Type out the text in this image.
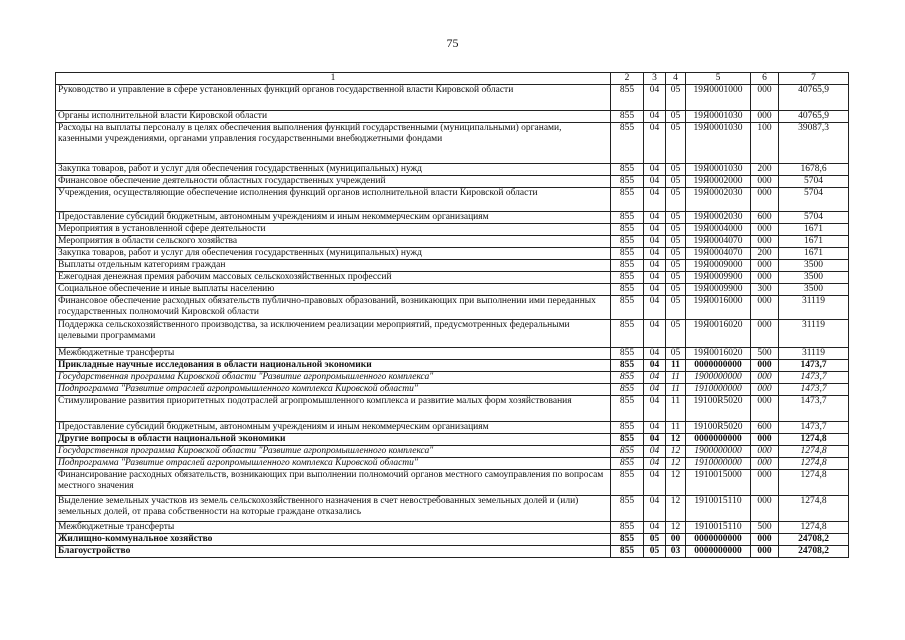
75
1	2	3	4	5	6	7
Руководство и управление в сфере установленных функций органов государственной власти Кировской области	855	04	05	19Я0001000	000	40765,9
Органы исполнительной власти Кировской области	855	04	05	19Я0001030	000	40765,9
Расходы на выплаты персоналу в целях обеспечения выполнения функций государственными (муниципальными) органами, казенными учреждениями, органами управления государственными внебюджетными фондами	855	04	05	19Я0001030	100	39087,3
Закупка товаров, работ и услуг для обеспечения государственных (муниципальных) нужд	855	04	05	19Я0001030	200	1678,6
Финансовое обеспечение деятельности областных государственных учреждений	855	04	05	19Я0002000	000	5704
Учреждения, осуществляющие обеспечение исполнения функций органов исполнительной власти Кировской области	855	04	05	19Я0002030	000	5704
Предоставление субсидий бюджетным, автономным учреждениям и иным некоммерческим организациям	855	04	05	19Я0002030	600	5704
Мероприятия в установленной сфере деятельности	855	04	05	19Я0004000	000	1671
Мероприятия в области сельского хозяйства	855	04	05	19Я0004070	000	1671
Закупка товаров, работ и услуг для обеспечения государственных (муниципальных) нужд	855	04	05	19Я0004070	200	1671
Выплаты отдельным категориям граждан	855	04	05	19Я0009000	000	3500
Ежегодная денежная премия рабочим массовых сельскохозяйственных профессий	855	04	05	19Я0009900	000	3500
Социальное обеспечение и иные выплаты населению	855	04	05	19Я0009900	300	3500
Финансовое обеспечение расходных обязательств публично-правовых образований, возникающих при выполнении ими переданных государственных полномочий Кировской области	855	04	05	19Я0016000	000	31119
Поддержка сельскохозяйственного производства, за исключением реализации мероприятий, предусмотренных федеральными целевыми программами	855	04	05	19Я0016020	000	31119
Межбюджетные трансферты	855	04	05	19Я0016020	500	31119
Прикладные научные исследования в области национальной экономики	855	04	11	0000000000	000	1473,7
Государственная программа Кировской области "Развитие агропромышленного комплекса"	855	04	11	1900000000	000	1473,7
Подпрограмма "Развитие отраслей агропромышленного комплекса Кировской области"	855	04	11	1910000000	000	1473,7
Стимулирование развития приоритетных подотраслей агропромышленного комплекса и развитие малых форм хозяйствования	855	04	11	19100R5020	000	1473,7
Предоставление субсидий бюджетным, автономным учреждениям и иным некоммерческим организациям	855	04	11	19100R5020	600	1473,7
Другие вопросы в области национальной экономики	855	04	12	0000000000	000	1274,8
Государственная программа Кировской области "Развитие агропромышленного комплекса"	855	04	12	1900000000	000	1274,8
Подпрограмма "Развитие отраслей агропромышленного комплекса Кировской области"	855	04	12	1910000000	000	1274,8
Финансирование расходных обязательств, возникающих при выполнении полномочий органов местного самоуправления по вопросам местного значения	855	04	12	1910015000	000	1274,8
Выделение земельных участков из земель сельскохозяйственного назначения в счет невостребованных земельных долей и (или) земельных долей, от права собственности на которые граждане отказались	855	04	12	1910015110	000	1274,8
Межбюджетные трансферты	855	04	12	1910015110	500	1274,8
Жилищно-коммунальное хозяйство	855	05	00	0000000000	000	24708,2
Благоустройство	855	05	03	0000000000	000	24708,2
